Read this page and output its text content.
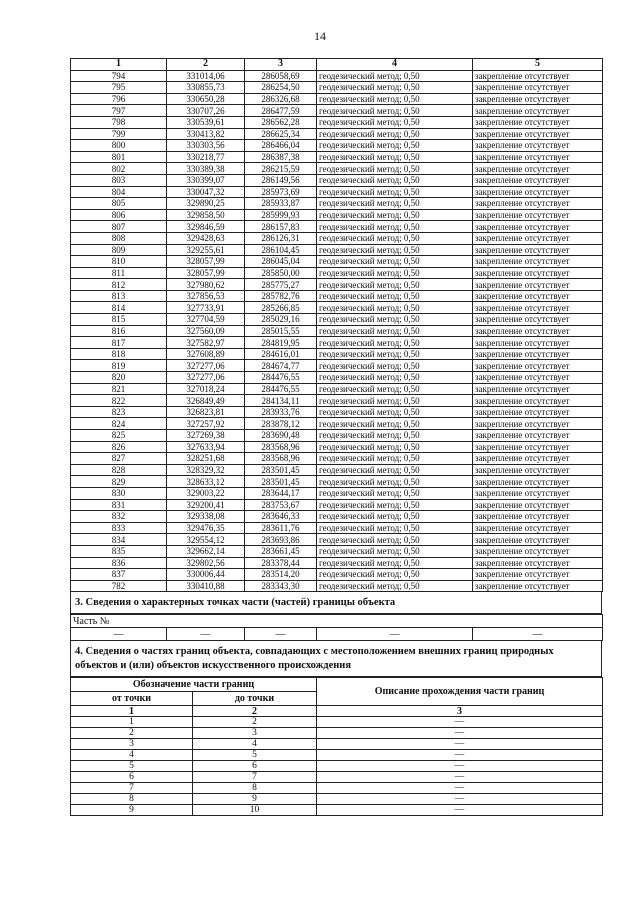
14
1	2	3	4	5
794	331014,06	286058,69	геодезический метод; 0,50	закрепление отсутствует
795	330855,73	286254,50	геодезический метод; 0,50	закрепление отсутствует
796	330650,28	286326,68	геодезический метод; 0,50	закрепление отсутствует
797	330707,26	286477,59	геодезический метод; 0,50	закрепление отсутствует
798	330539,61	286562,28	геодезический метод; 0,50	закрепление отсутствует
799	330413,82	286625,34	геодезический метод; 0,50	закрепление отсутствует
800	330303,56	286466,04	геодезический метод; 0,50	закрепление отсутствует
801	330218,77	286387,38	геодезический метод; 0,50	закрепление отсутствует
802	330389,38	286215,59	геодезический метод; 0,50	закрепление отсутствует
803	330399,07	286149,56	геодезический метод; 0,50	закрепление отсутствует
804	330047,32	285973,69	геодезический метод; 0,50	закрепление отсутствует
805	329890,25	285933,87	геодезический метод; 0,50	закрепление отсутствует
806	329858,50	285999,93	геодезический метод; 0,50	закрепление отсутствует
807	329846,59	286157,83	геодезический метод; 0,50	закрепление отсутствует
808	329428,63	286126,31	геодезический метод; 0,50	закрепление отсутствует
809	329255,61	286104,45	геодезический метод; 0,50	закрепление отсутствует
810	328057,99	286045,04	геодезический метод; 0,50	закрепление отсутствует
811	328057,99	285850,00	геодезический метод; 0,50	закрепление отсутствует
812	327980,62	285775,27	геодезический метод; 0,50	закрепление отсутствует
813	327856,53	285782,76	геодезический метод; 0,50	закрепление отсутствует
814	327733,91	285266,85	геодезический метод; 0,50	закрепление отсутствует
815	327704,59	285029,16	геодезический метод; 0,50	закрепление отсутствует
816	327560,09	285015,55	геодезический метод; 0,50	закрепление отсутствует
817	327582,97	284819,95	геодезический метод; 0,50	закрепление отсутствует
818	327608,89	284616,01	геодезический метод; 0,50	закрепление отсутствует
819	327277,06	284674,77	геодезический метод; 0,50	закрепление отсутствует
820	327277,06	284476,55	геодезический метод; 0,50	закрепление отсутствует
821	327018,24	284476,55	геодезический метод; 0,50	закрепление отсутствует
822	326849,49	284134,11	геодезический метод; 0,50	закрепление отсутствует
823	326823,81	283933,76	геодезический метод; 0,50	закрепление отсутствует
824	327257,92	283878,12	геодезический метод; 0,50	закрепление отсутствует
825	327269,38	283690,48	геодезический метод; 0,50	закрепление отсутствует
826	327633,94	283568,96	геодезический метод; 0,50	закрепление отсутствует
827	328251,68	283568,96	геодезический метод; 0,50	закрепление отсутствует
828	328329,32	283501,45	геодезический метод; 0,50	закрепление отсутствует
829	328633,12	283501,45	геодезический метод; 0,50	закрепление отсутствует
830	329003,22	283644,17	геодезический метод; 0,50	закрепление отсутствует
831	329200,41	283753,67	геодезический метод; 0,50	закрепление отсутствует
832	329338,08	283646,33	геодезический метод; 0,50	закрепление отсутствует
833	329476,35	283611,76	геодезический метод; 0,50	закрепление отсутствует
834	329554,12	283693,86	геодезический метод; 0,50	закрепление отсутствует
835	329662,14	283661,45	геодезический метод; 0,50	закрепление отсутствует
836	329802,56	283378,44	геодезический метод; 0,50	закрепление отсутствует
837	330006,44	283514,20	геодезический метод; 0,50	закрепление отсутствует
782	330410,88	283343,30	геодезический метод; 0,50	закрепление отсутствует
3. Сведения о характерных точках части (частей) границы объекта
Часть №
—	—	—	—	—
4. Сведения о частях границ объекта, совпадающих с местоположением внешних границ природных объектов и (или) объектов искусственного происхождения
Обозначение части границ		Описание прохождения части границ
от точки	до точки	
1	2	3
1	2	—
2	3	—
3	4	—
4	5	—
5	6	—
6	7	—
7	8	—
8	9	—
9	10	—
